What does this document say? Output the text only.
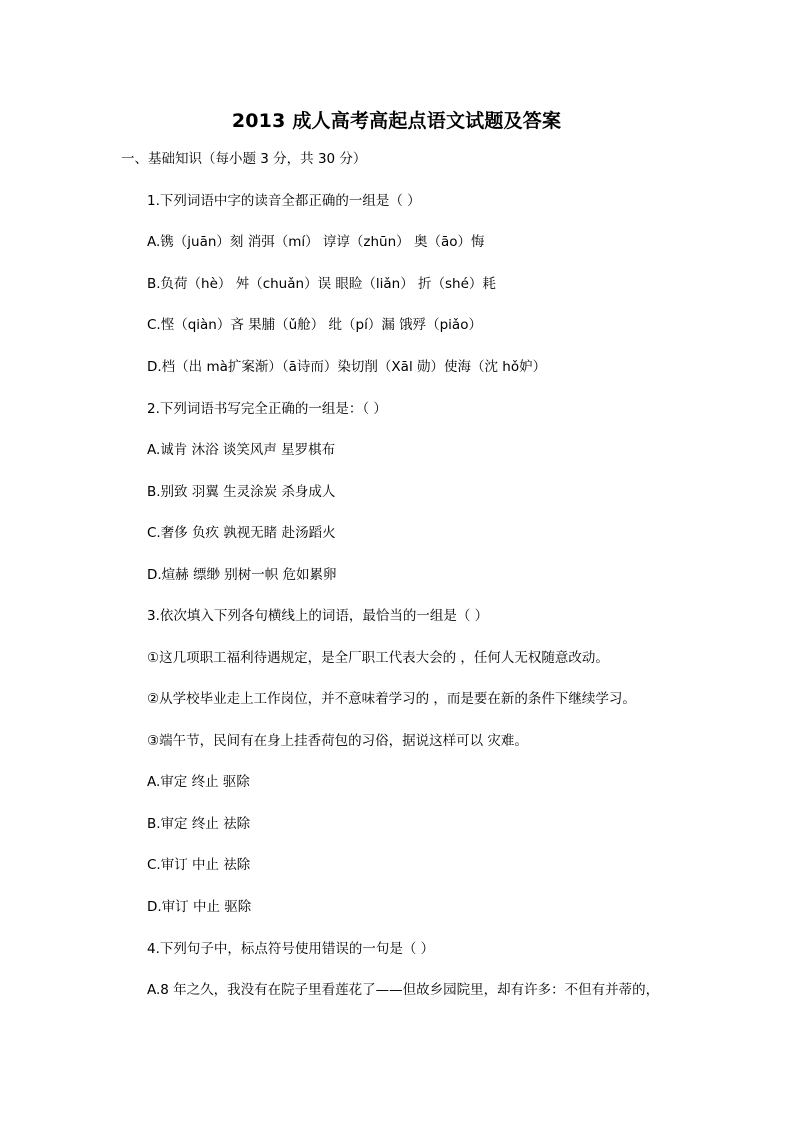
2013 成人高考高起点语文试题及答案
一、基础知识（每小题 3 分，共 30 分）
1.下列词语中字的读音全都正确的一组是（ ）
A.镌（juān）刻 消弭（mí） 谆谆（zhūn） 奥（āo）悔
B.负荷（hè） 舛（chuǎn）误 眼睑（liǎn） 折（shé）耗
C.悭（qiàn）吝 果脯（ǔ舱） 纰（pí）漏 饿殍（piǎo）
D.档（出 mà扩案渐）（ā诗而）染切削（Xāl 勋）使海（沈 hǒ妒）
2.下列词语书写完全正确的一组是：（ ）
A.诚肯 沐浴 谈笑风声 星罗棋布
B.别致 羽翼 生灵涂炭 杀身成人
C.奢侈 负疚 孰视无睹 赴汤蹈火
D.煊赫 缥缈 别树一帜 危如累卵
3.依次填入下列各句横线上的词语，最恰当的一组是（ ）
①这几项职工福利待遇规定，是全厂职工代表大会的 ，任何人无权随意改动。
②从学校毕业走上工作岗位，并不意味着学习的 ，而是要在新的条件下继续学习。
③端午节，民间有在身上挂香荷包的习俗，据说这样可以 灾难。
A.审定 终止 驱除
B.审定 终止 祛除
C.审订 中止 祛除
D.审订 中止 驱除
4.下列句子中，标点符号使用错误的一句是（ ）
A.8 年之久，我没有在院子里看莲花了——但故乡园院里，却有许多：不但有并蒂的，
